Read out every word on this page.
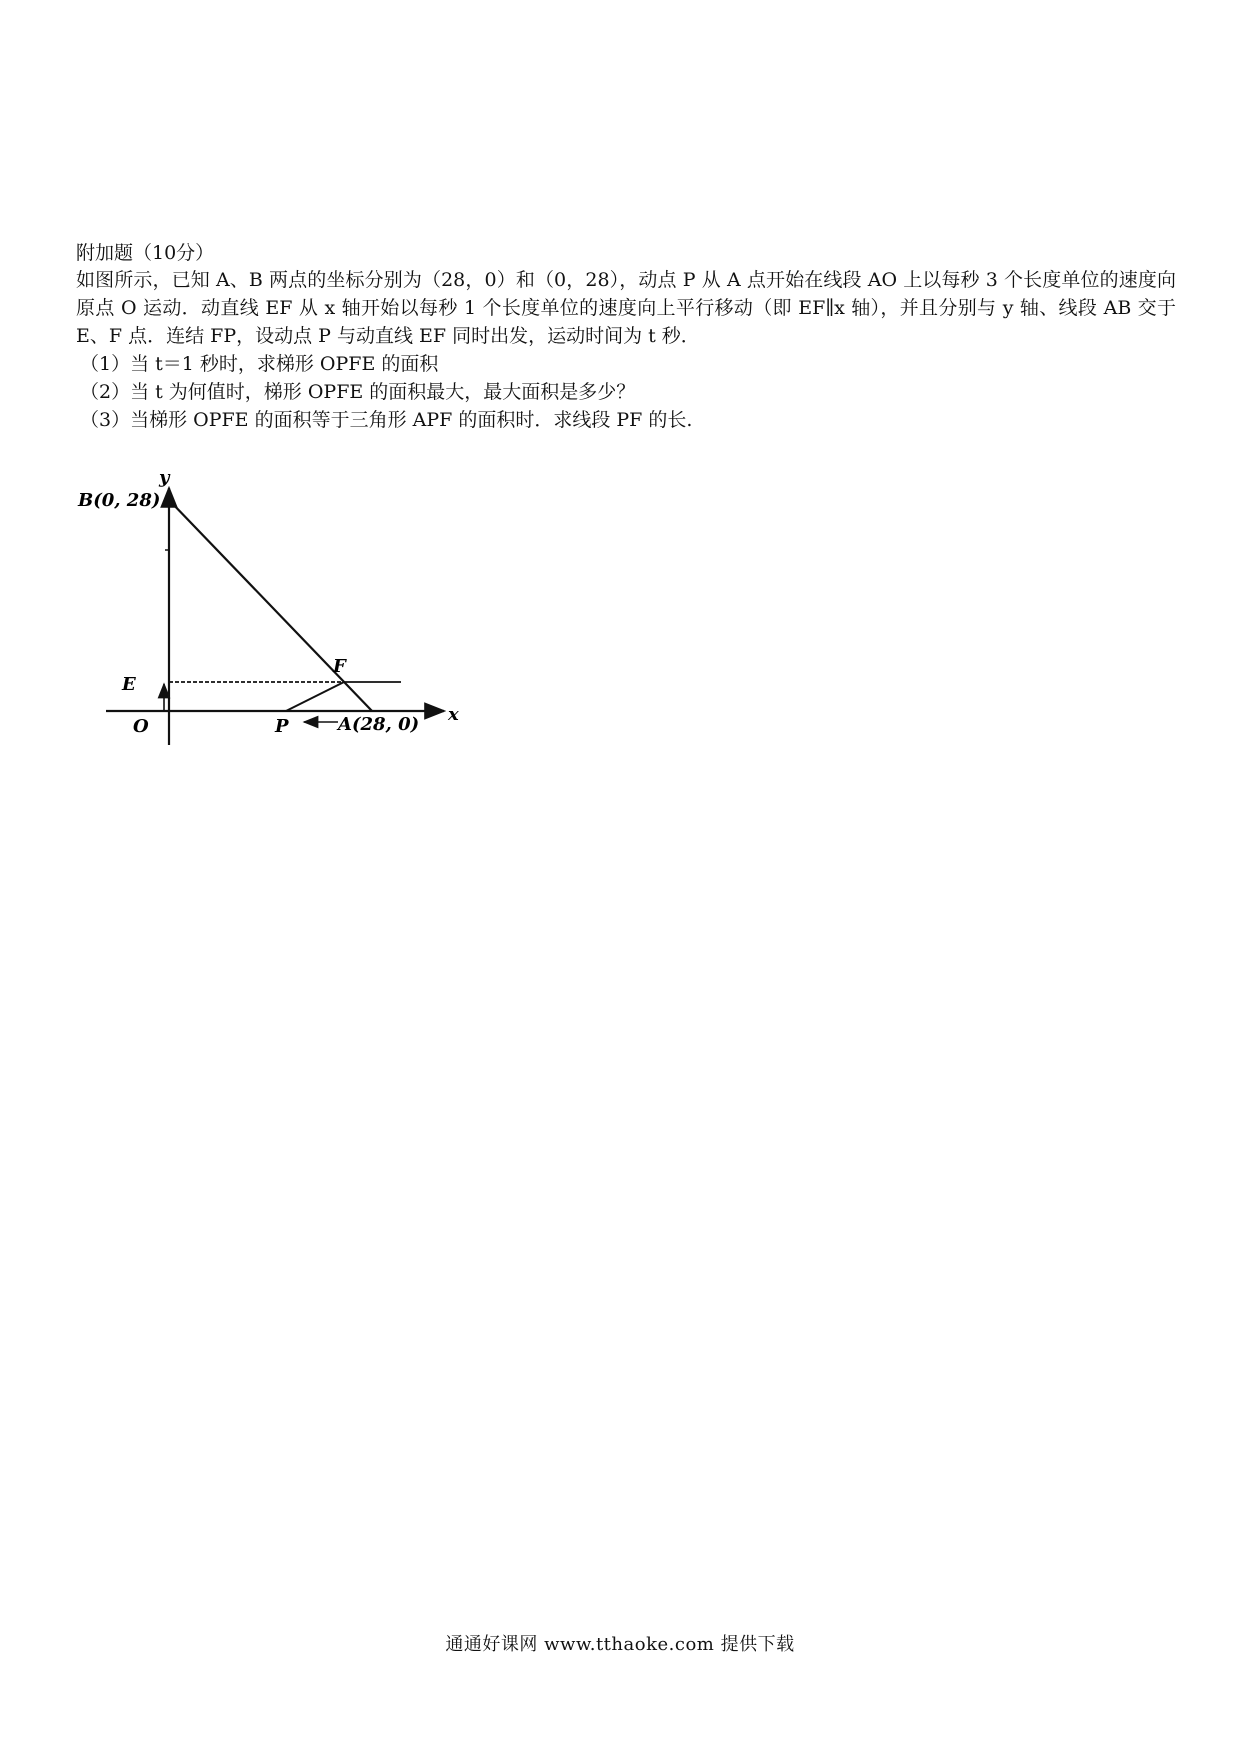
附加题（10分）

如图所示，已知 A、B 两点的坐标分别为（28，0）和（0，28），动点 P 从 A 点开始在线段 AO 上以每秒 3 个长度单位的速度向原点 O 运动．动直线 EF 从 x 轴开始以每秒 1 个长度单位的速度向上平行移动（即 EF∥x 轴），并且分别与 y 轴、线段 AB 交于 E、F 点．连结 FP，设动点 P 与动直线 EF 同时出发，运动时间为 t 秒．

（1）当 t＝1 秒时，求梯形 OPFE 的面积

（2）当 t 为何值时，梯形 OPFE 的面积最大，最大面积是多少？

（3）当梯形 OPFE 的面积等于三角形 APF 的面积时．求线段 PF 的长.

y
B(0, 28)
E
F
O	P	A(28, 0) x
通通好课网 www.tthaoke.com 提供下载
